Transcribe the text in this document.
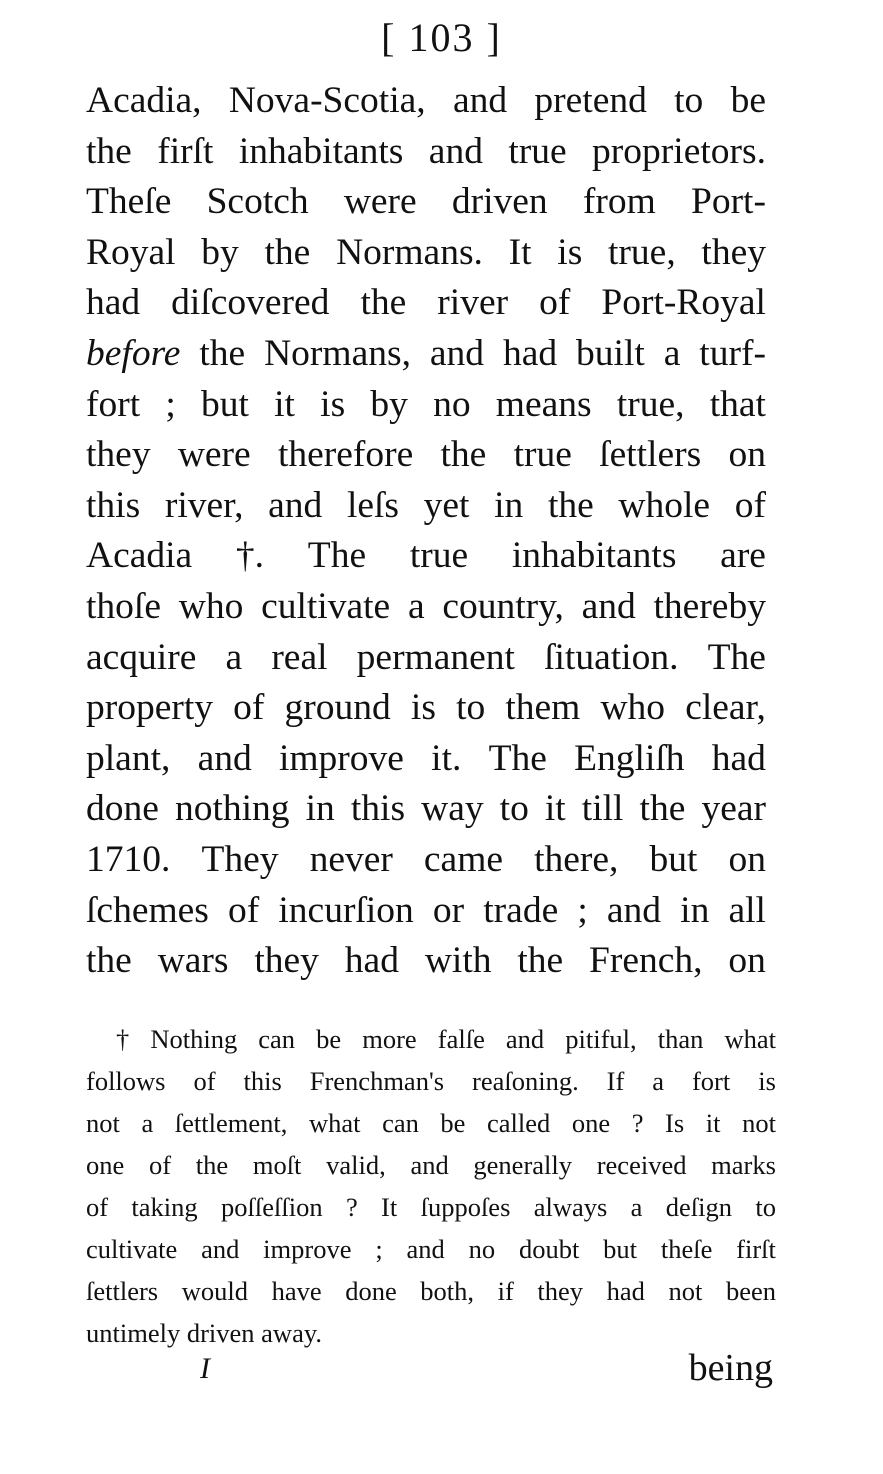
[ 103 ]
Acadia, Nova-Scotia, and pretend to be
the firſt inhabitants and true proprietors.
Theſe Scotch were driven from Port-
Royal by the Normans. It is true, they
had diſcovered the river of Port-Royal
before the Normans, and had built a turf-
fort ; but it is by no means true, that
they were therefore the true ſettlers on
this river, and leſs yet in the whole of
Acadia †. The true inhabitants are
thoſe who cultivate a country, and thereby
acquire a real permanent ſituation. The
property of ground is to them who clear,
plant, and improve it. The Engliſh had
done nothing in this way to it till the year
1710. They never came there, but on
ſchemes of incurſion or trade ; and in all
the wars they had with the French, on
† Nothing can be more falſe and pitiful, than what
follows of this Frenchman's reaſoning. If a fort is
not a ſettlement, what can be called one ? Is it not
one of the moſt valid, and generally received marks
of taking poſſeſſion ? It ſuppoſes always a deſign to
cultivate and improve ; and no doubt but theſe firſt
ſettlers would have done both, if they had not been
untimely
driven
away.
I	being
